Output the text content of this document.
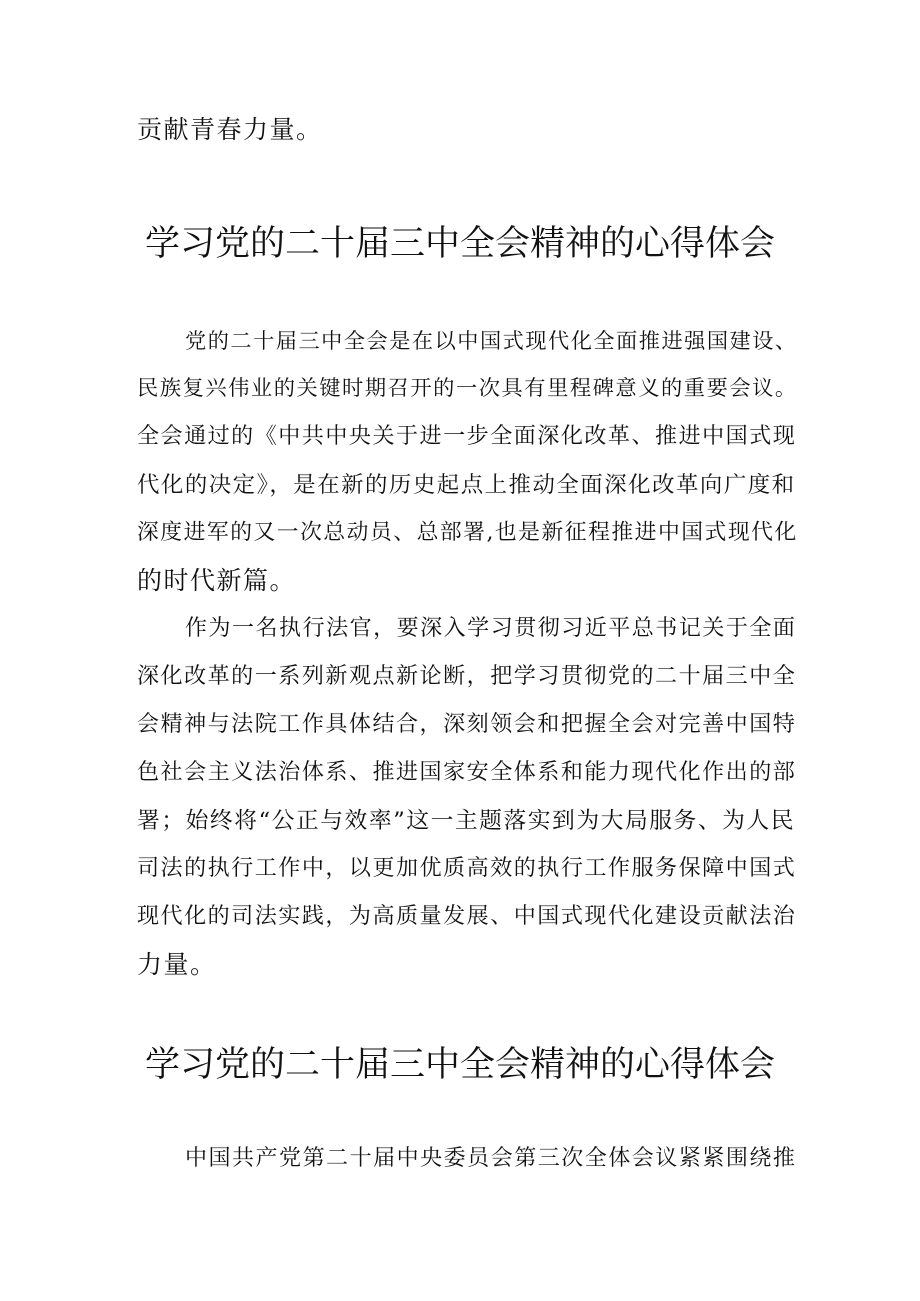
贡献青春力量。
学习党的二十届三中全会精神的心得体会
党的二十届三中全会是在以中国式现代化全面推进强国建设、
民族复兴伟业的关键时期召开的一次具有里程碑意义的重要会议。
全会通过的《中共中央关于进一步全面深化改革、推进中国式现
代化的决定》，是在新的历史起点上推动全面深化改革向广度和
深度进军的又一次总动员、总部署,也是新征程推进中国式现代化
的时代新篇。
作为一名执行法官，要深入学习贯彻习近平总书记关于全面
深化改革的一系列新观点新论断，把学习贯彻党的二十届三中全
会精神与法院工作具体结合，深刻领会和把握全会对完善中国特
色社会主义法治体系、推进国家安全体系和能力现代化作出的部
署；始终将“公正与效率”这一主题落实到为大局服务、为人民
司法的执行工作中，以更加优质高效的执行工作服务保障中国式
现代化的司法实践，为高质量发展、中国式现代化建设贡献法治
力量。
学习党的二十届三中全会精神的心得体会
中国共产党第二十届中央委员会第三次全体会议紧紧围绕推
